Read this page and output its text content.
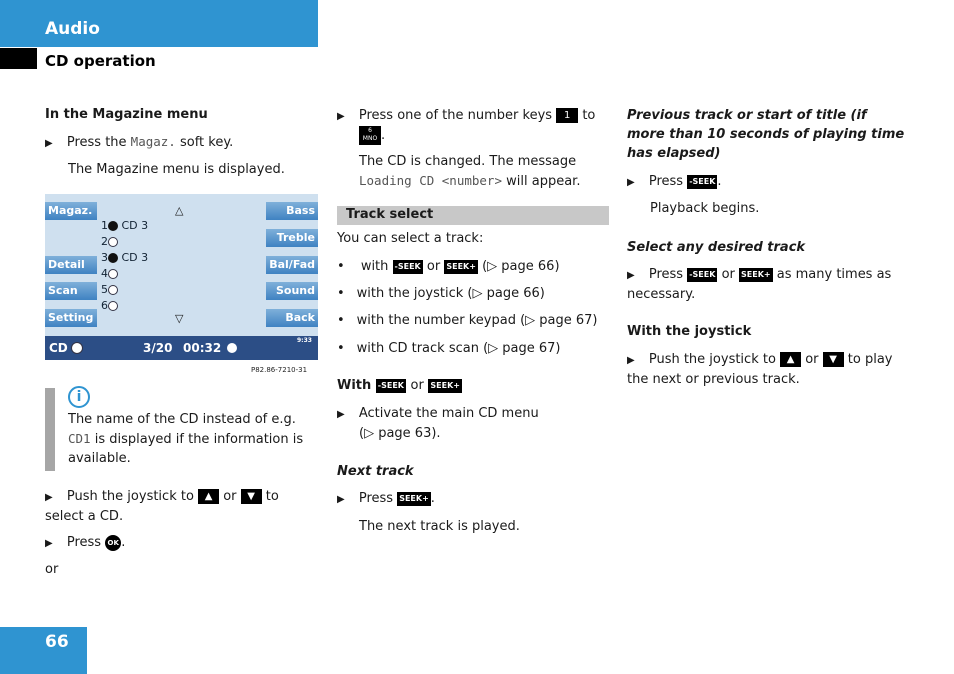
Audio
CD operation
In the Magazine menu
▶ Press the Magaz. soft key.
The Magazine menu is displayed.
Magaz.
Detail
Scan
Setting
Bass
Treble
Bal/Fad
Sound
Back
△
▽
1 CD 3
2
3 CD 3
4
5
6
CD	3/20 00:32
9:33
P82.86-7210-31
i
The name of the CD instead of e.g. CD1 is displayed if the information is available.
▶ Push the joystick to ▲ or ▼ to select a CD.
▶ Press OK .
or
▶ Press one of the number keys 1 to

6
MNO .
The CD is changed. The message
Loading CD <number> will appear.
Track select
You can select a track:
• with -SEEK or SEEK+ (▷ page 66)
• with the joystick (▷ page 66)
• with the number keypad (▷ page 67)
• with CD track scan (▷ page 67)
With -SEEK or SEEK+
▶ Activate the main CD menu
(▷ page 63).
Next track
▶ Press SEEK+ .
The next track is played.
Previous track or start of title (if more than 10 seconds of playing time has elapsed)
▶ Press -SEEK .
Playback begins.
Select any desired track
▶ Press -SEEK or SEEK+ as many times as necessary.
With the joystick
▶ Push the joystick to ▲ or ▼ to play the next or previous track.
66
